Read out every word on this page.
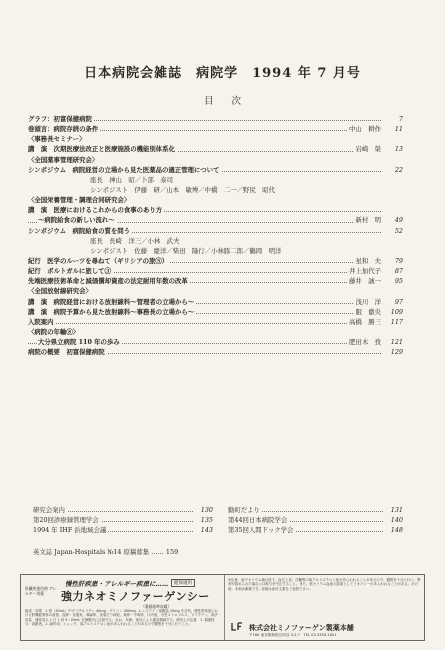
日本病院会雑誌　病院学　1994 年 7 月号
目次
グラフ：初富保健病院	7
巻頭言：病院存続の条件	中山　耕作	11
〈事務長セミナー〉
講　演　次期医療法改正と医療施設の機能別体系化	岩崎　榮	13
〈全国薬事管理研究会〉
シンポジウム　病院経営の立場から見た医薬品の適正管理について	22
座長　神山　昭／卜部　泰司
シンポジスト　伊藤　研／山本　敏博／中橋　二一／野尻　昭代
〈全国栄養管理・調理合同研究会〉
講　演　医療におけるこれからの食事のあり方
〜病院給食の新しい流れ〜	新村　明	49
シンポジウム　病院給食の質を問う	52
座長　長崎　洋三／小林　武夫
シンポジスト　佐藤　慶洋／柴田　隆行／小林豚二郎／鶴岡　明洋
紀行　医学のルーツを尋ねて（ギリシアの旅⑤）	星和　夫	79
紀行　ボルトガルに旅して③	井上加代子	87
先端医療技術革命と減価償却資産の法定耐用年数の改革	藤井　誠一	95
〈全国放射線研究会〉
講　演　病院経営における放射線科〜管理者の立場から〜	浅川　洋	97
講　演　病院予算から見た放射線科〜事務長の立場から〜	服　徹央	109
入院案内	高橋　勝三	117
〈病院の年輪⑧〉
大分県立病院 110 年の歩み	肥田木　孜	121
病院の概要　初富保健病院	129
研究会案内	130 動町だより	131
第20回診療録管理学会	135 第44回日本病院学会	140
1994 年 IHF 浜地域会議	143 第35回人間ドック学会	148
英文誌 Japan-Hospitals №14 原稿募集 …… 159
慢性肝疾患・アレルギー疾患に……	健保適用
肝臓疾患用剤 アレルギー用薬	強力ネオミノファーゲンシー
（薬価基準収載）
組成・効果　1 管（20mL）中グリチルリチン 40mg、グリシン 400mg、L-システイン塩酸塩 20mg を含有。慢性肝疾患における肝機能異常の改善、湿疹・皮膚炎、蕁麻疹、皮膚そう痒症、薬疹・中毒疹、口内炎、小児ストロフルス、フリクテン。用法・用量　通常成人 1 日 1 回 5〜20mL を静脈内に注射する。なお、年齢、症状により適宜増減する。使用上の注意　1. 慎重投与：高齢者。2. 副作用：ショック、偽アルドステロン症があらわれることがあるので観察を十分に行うこと。
※注意：血中カリウム値の低下、血圧上昇、浮腫等の偽アルドステロン症があらわれることがあるので、観察を十分に行い、異常が認められた場合には投与を中止すること。また、低カリウム血症の結果としてミオパシーがあらわれることがある。その他：本剤は劇薬です。詳細は添付文書をご参照下さい。
株式会社ミノファーゲン製薬本舗
〒160 東京都新宿区四谷 3-2-7　TEL 03-3353-1651
